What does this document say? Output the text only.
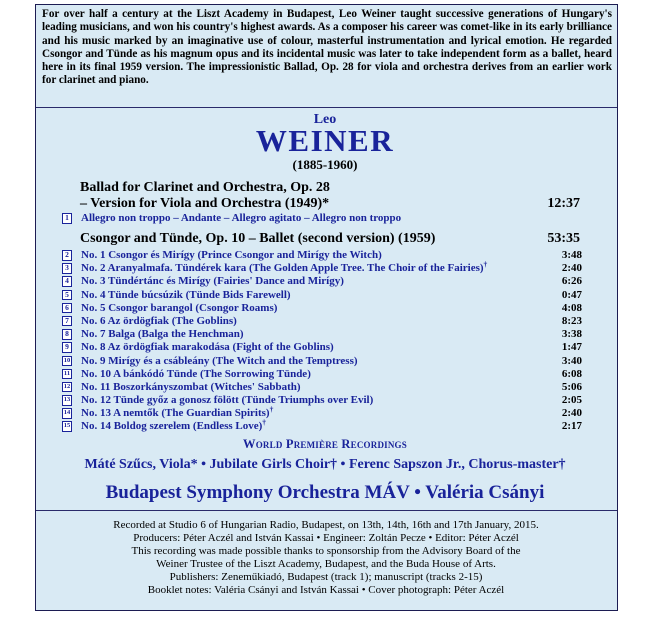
For over half a century at the Liszt Academy in Budapest, Leo Weiner taught successive generations of Hungary's leading musicians, and won his country's highest awards. As a composer his career was comet-like in its early brilliance and his music marked by an imaginative use of colour, masterful instrumentation and lyrical emotion. He regarded Csongor and Tünde as his magnum opus and its incidental music was later to take independent form as a ballet, heard here in its final 1959 version. The impressionistic Ballad, Op. 28 for viola and orchestra derives from an earlier work for clarinet and piano.
Leo
WEINER
(1885-1960)
Ballad for Clarinet and Orchestra, Op. 28
– Version for Viola and Orchestra (1949)*	12:37
1 Allegro non troppo – Andante – Allegro agitato – Allegro non troppo
Csongor and Tünde, Op. 10 – Ballet (second version) (1959)	53:35
2 No. 1 Csongor és Mirígy (Prince Csongor and Mirígy the Witch)	3:48
3 No. 2 Aranyalmafa. Tündérek kara (The Golden Apple Tree. The Choir of the Fairies)†	2:40
4 No. 3 Tündértánc és Mirígy (Fairies' Dance and Mirígy)	6:26
5 No. 4 Tünde búcsúzik (Tünde Bids Farewell)	0:47
6 No. 5 Csongor barangol (Csongor Roams)	4:08
7 No. 6 Az ördögfiak (The Goblins)	8:23
8 No. 7 Balga (Balga the Henchman)	3:38
9 No. 8 Az ördögfiak marakodása (Fight of the Goblins)	1:47
10 No. 9 Mirígy és a csábleány (The Witch and the Temptress)	3:40
11 No. 10 A bánkódó Tünde (The Sorrowing Tünde)	6:08
12 No. 11 Boszorkányszombat (Witches' Sabbath)	5:06
13 No. 12 Tünde győz a gonosz fölött (Tünde Triumphs over Evil)	2:05
14 No. 13 A nemtők (The Guardian Spirits)†	2:40
15 No. 14 Boldog szerelem (Endless Love)†	2:17
World Première Recordings
Máté Szűcs, Viola* • Jubilate Girls Choir† • Ferenc Sapszon Jr., Chorus-master†
Budapest Symphony Orchestra MÁV • Valéria Csányi
Recorded at Studio 6 of Hungarian Radio, Budapest, on 13th, 14th, 16th and 17th January, 2015.
Producers: Péter Aczél and István Kassai • Engineer: Zoltán Pecze • Editor: Péter Aczél
This recording was made possible thanks to sponsorship from the Advisory Board of the
Weiner Trustee of the Liszt Academy, Budapest, and the Buda House of Arts.
Publishers: Zeneműkiadó, Budapest (track 1); manuscript (tracks 2-15)
Booklet notes: Valéria Csányi and István Kassai • Cover photograph: Péter Aczél
